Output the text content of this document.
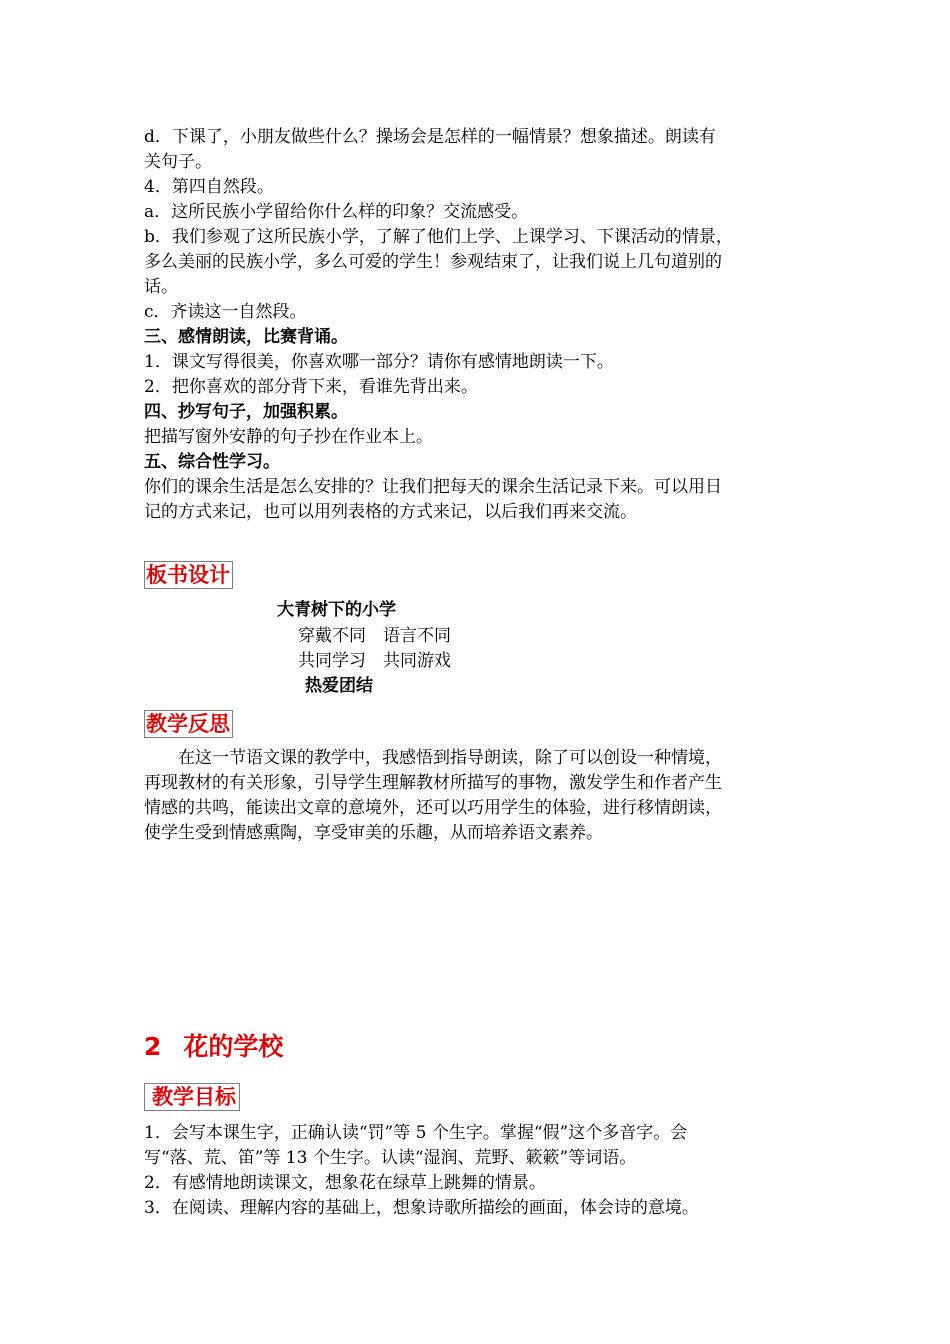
d．下课了，小朋友做些什么？操场会是怎样的一幅情景？想象描述。朗读有
关句子。
4．第四自然段。
a．这所民族小学留给你什么样的印象？交流感受。
b．我们参观了这所民族小学，了解了他们上学、上课学习、下课活动的情景，
多么美丽的民族小学，多么可爱的学生！参观结束了，让我们说上几句道别的
话。
c．齐读这一自然段。
三、感情朗读，比赛背诵。
1．课文写得很美，你喜欢哪一部分？请你有感情地朗读一下。
2．把你喜欢的部分背下来，看谁先背出来。
四、抄写句子，加强积累。
把描写窗外安静的句子抄在作业本上。
五、综合性学习。
你们的课余生活是怎么安排的？让我们把每天的课余生活记录下来。可以用日
记的方式来记，也可以用列表格的方式来记，以后我们再来交流。
板书设计
大青树下的小学
穿戴不同　语言不同
共同学习　共同游戏
热爱团结
教学反思
在这一节语文课的教学中，我感悟到指导朗读，除了可以创设一种情境，
再现教材的有关形象，引导学生理解教材所描写的事物，激发学生和作者产生
情感的共鸣，能读出文章的意境外，还可以巧用学生的体验，进行移情朗读，
使学生受到情感熏陶，享受审美的乐趣，从而培养语文素养。
2 花的学校
教学目标
1．会写本课生字，正确认读“罚”等 5 个生字。掌握“假”这个多音字。会
写“落、荒、笛”等 13 个生字。认读“湿润、荒野、簌簌”等词语。
2．有感情地朗读课文，想象花在绿草上跳舞的情景。
3．在阅读、理解内容的基础上，想象诗歌所描绘的画面，体会诗的意境。
